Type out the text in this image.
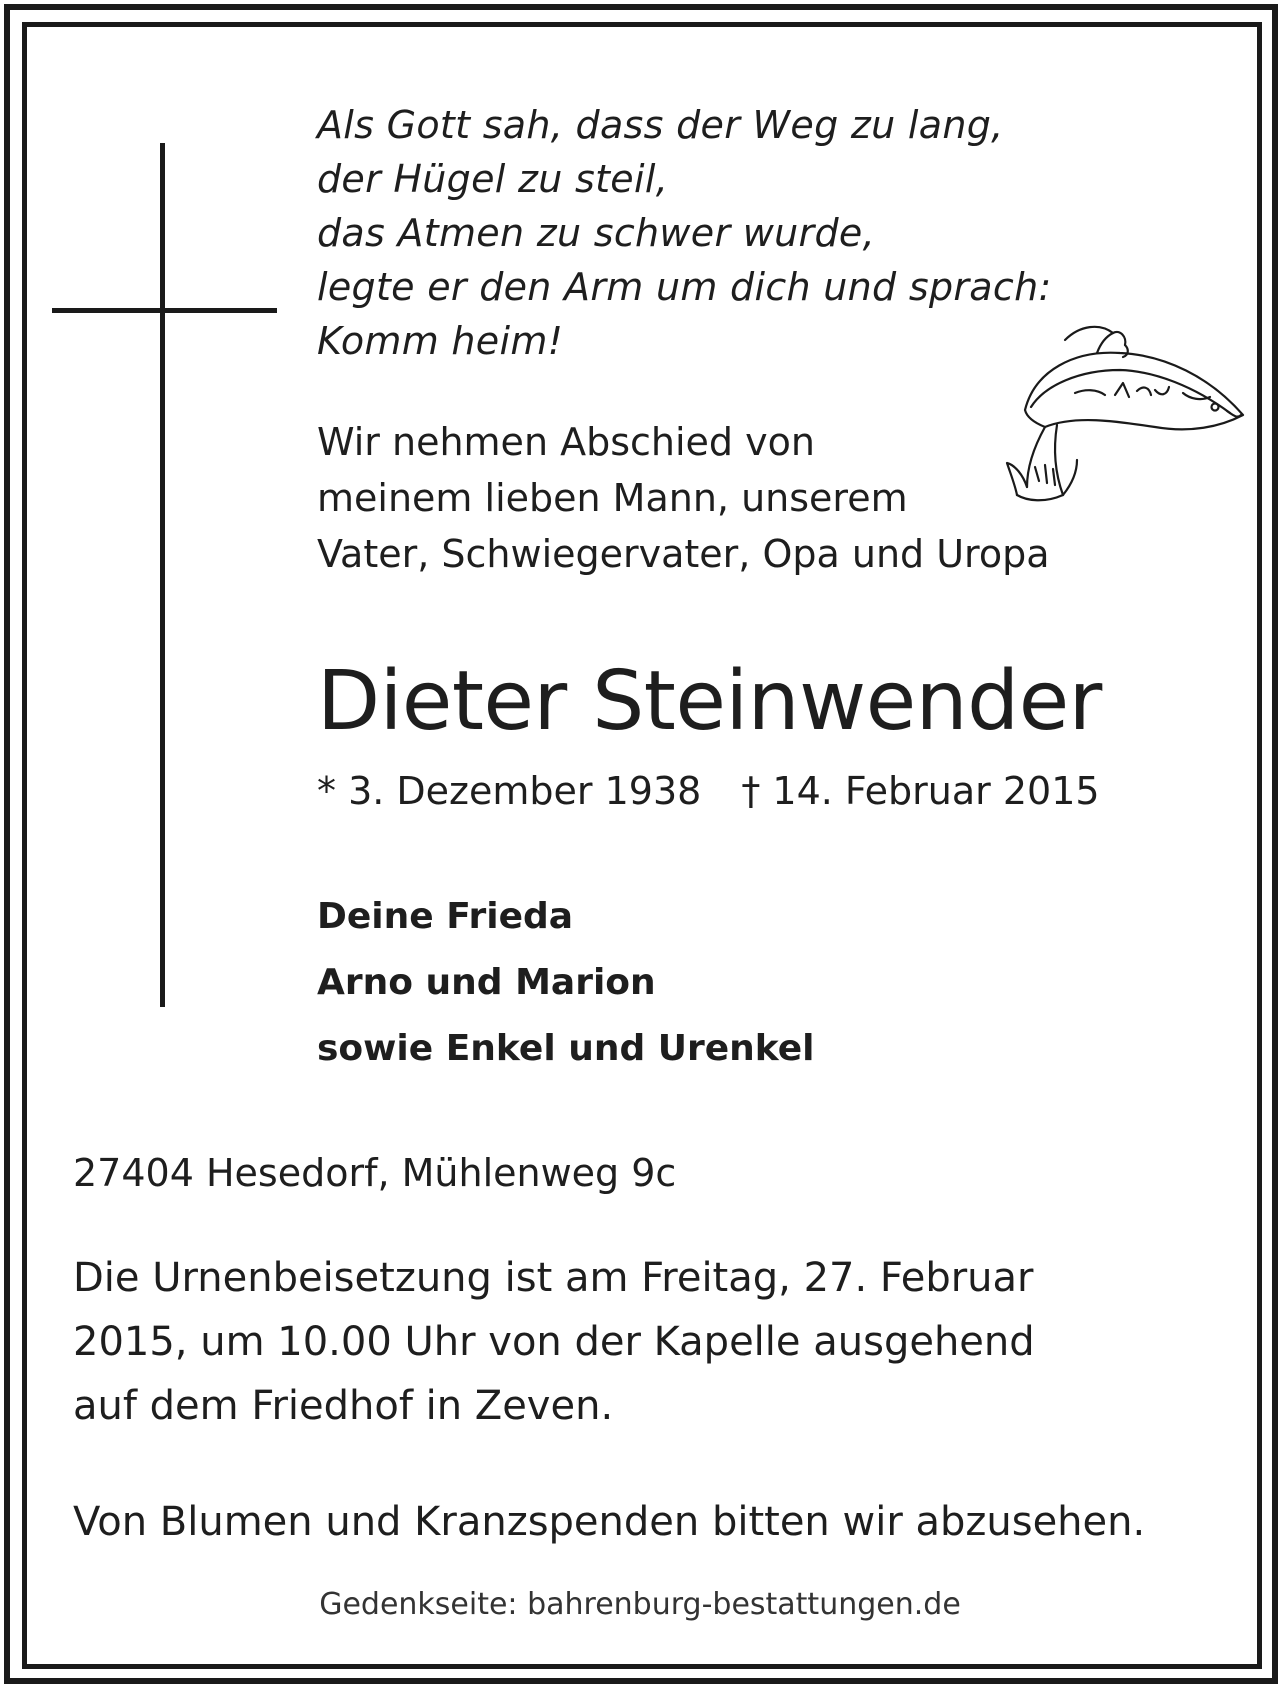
Als Gott sah, dass der Weg zu lang,
der Hügel zu steil,
das Atmen zu schwer wurde,
legte er den Arm um dich und sprach:
Komm heim!
Wir nehmen Abschied von
meinem lieben Mann, unserem
Vater, Schwiegervater, Opa und Uropa
Dieter Steinwender
* 3. Dezember 1938 † 14. Februar 2015
Deine Frieda
Arno und Marion
sowie Enkel und Urenkel
27404 Hesedorf, Mühlenweg 9c
Die Urnenbeisetzung ist am Freitag, 27. Februar
2015, um 10.00 Uhr von der Kapelle ausgehend
auf dem Friedhof in Zeven.
Von Blumen und Kranzspenden bitten wir abzusehen.
Gedenkseite: bahrenburg-bestattungen.de
